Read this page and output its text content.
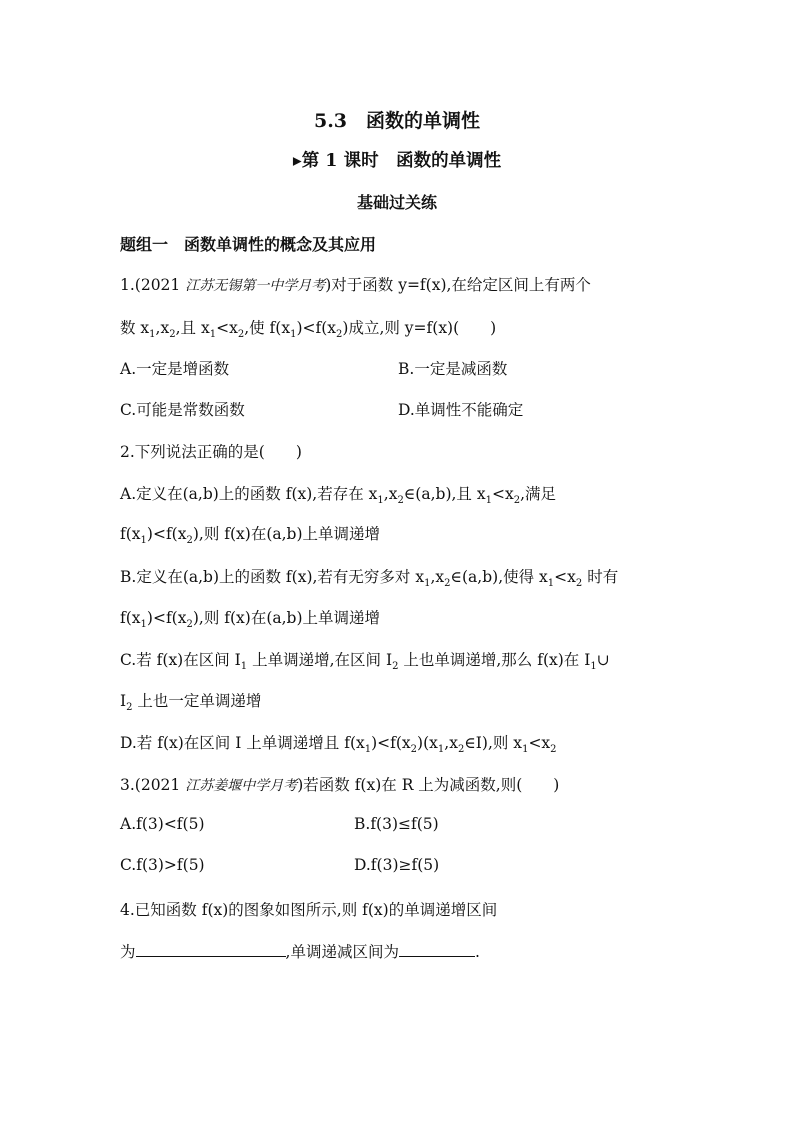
5.3　函数的单调性
▸第 1 课时　函数的单调性
基础过关练
题组一　函数单调性的概念及其应用
1.(2021 江苏无锡第一中学月考)对于函数 y=f(x),在给定区间上有两个
数 $x_1,x_2$,且 $x_1<x_2$,使 $f(x_1)<f(x_2)$成立,则 y=f(x)(　　)
A.一定是增函数	B.一定是减函数
C.可能是常数函数	D.单调性不能确定
2.下列说法正确的是(　　)
A.定义在(a,b)上的函数 f(x),若存在 $x_1,x_2\in(a,b)$,且 $x_1<x_2$,满足
$f(x_1)<f(x_2)$,则 f(x)在(a,b)上单调递增
B.定义在(a,b)上的函数 f(x),若有无穷多对 $x_1,x_2\in(a,b)$,使得 $x_1<x_2$ 时有
$f(x_1)<f(x_2)$,则 f(x)在(a,b)上单调递增
C.若 f(x)在区间 $I_1$ 上单调递增,在区间 $I_2$ 上也单调递增,那么 f(x)在 $I_1\cup$
$I_2$ 上也一定单调递增
D.若 f(x)在区间 I 上单调递增且 $f(x_1)<f(x_2)(x_1,x_2\in I)$,则 $x_1<x_2$
3.(2021 江苏姜堰中学月考)若函数 f(x)在 R 上为减函数,则(　　)
A.f(3)<f(5)	B.f(3)≤f(5)
C.f(3)>f(5)	D.f(3)≥f(5)
4.已知函数 f(x)的图象如图所示,则 f(x)的单调递增区间
为	,单调递减区间为	.
